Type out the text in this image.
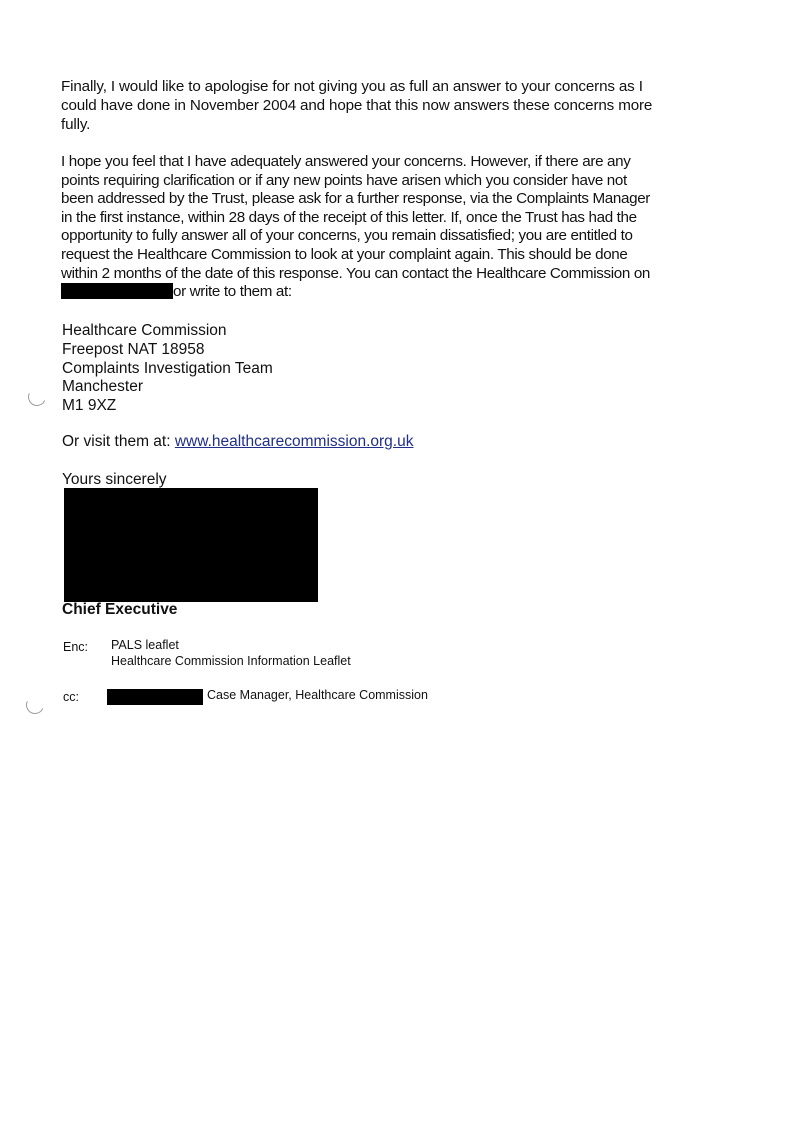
Finally, I would like to apologise for not giving you as full an answer to your concerns as I
could have done in November 2004 and hope that this now answers these concerns more
fully.
I hope you feel that I have adequately answered your concerns. However, if there are any
points requiring clarification or if any new points have arisen which you consider have not
been addressed by the Trust, please ask for a further response, via the Complaints Manager
in the first instance, within 28 days of the receipt of this letter. If, once the Trust has had the
opportunity to fully answer all of your concerns, you remain dissatisfied; you are entitled to
request the Healthcare Commission to look at your complaint again. This should be done
within 2 months of the date of this response. You can contact the Healthcare Commission on
or write to them at:
Healthcare Commission
Freepost NAT 18958
Complaints Investigation Team
Manchester
M1 9XZ
Or visit them at: www.healthcarecommission.org.uk
Yours sincerely
Chief Executive
Enc: PALS leaflet
Healthcare Commission Information Leaflet
cc:	Case Manager, Healthcare Commission
